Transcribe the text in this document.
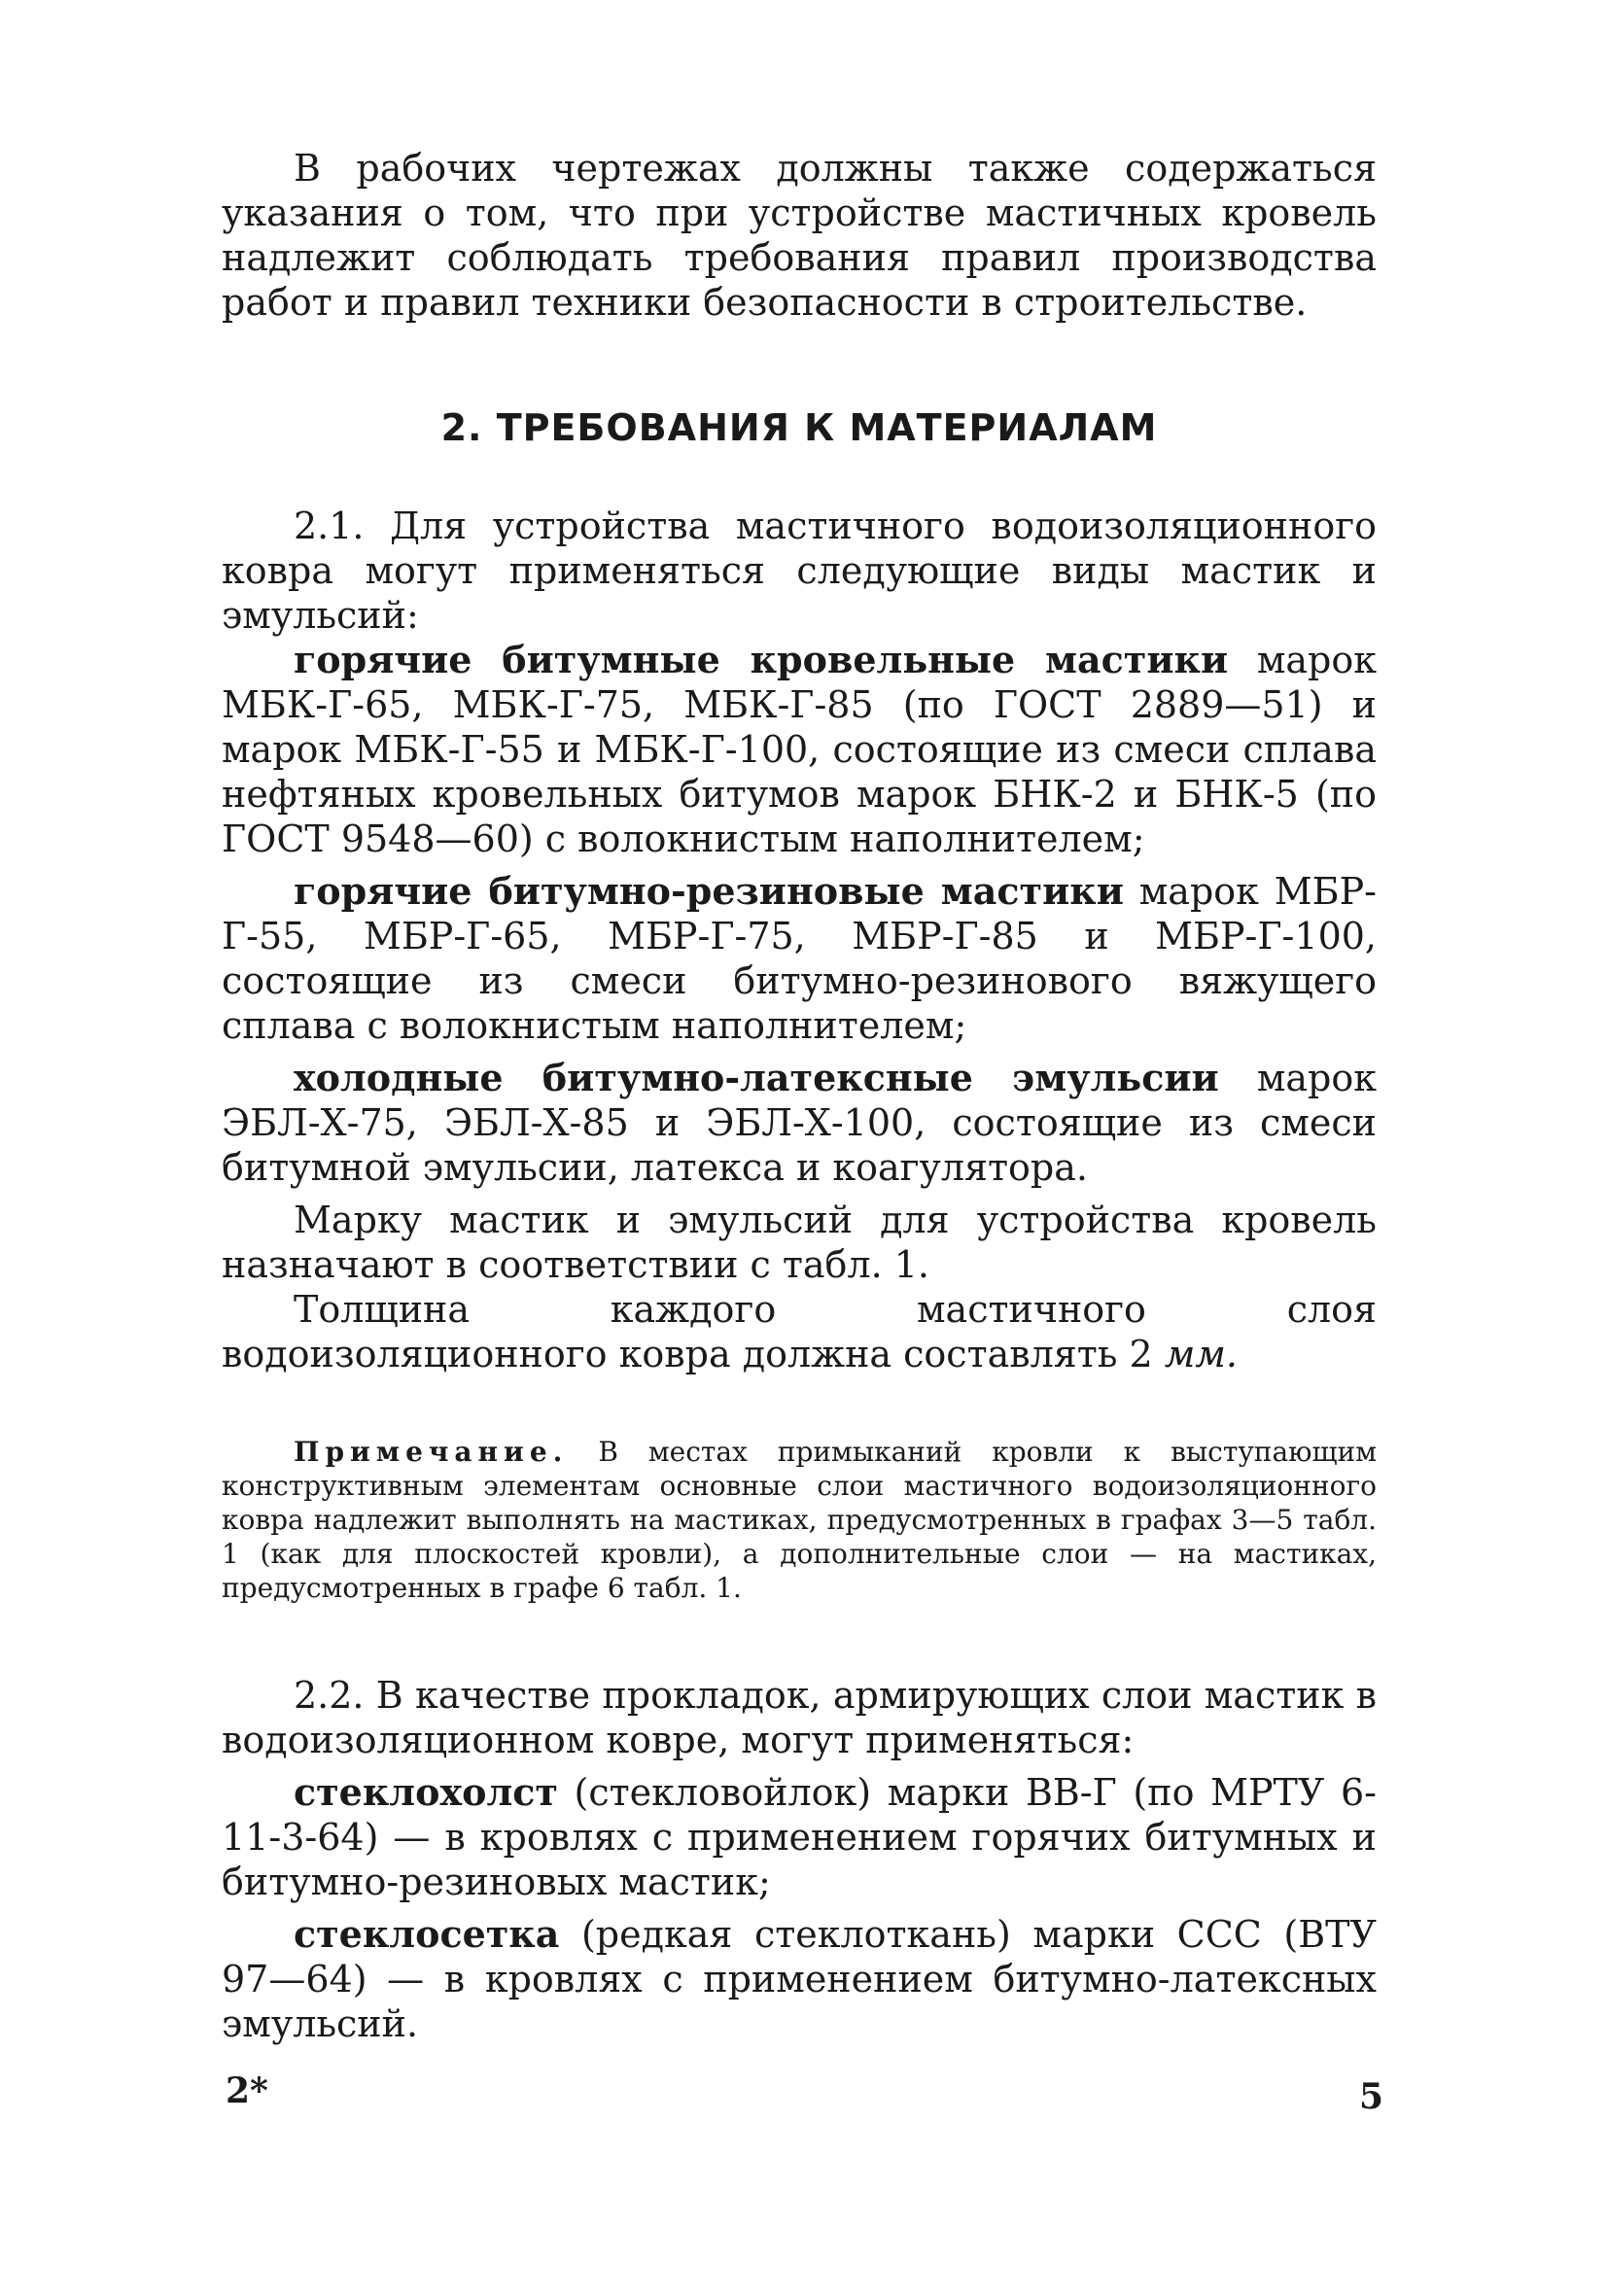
В рабочих чертежах должны также содержаться указания о том, что при устройстве мастичных кровель надлежит соблюдать требования правил производства работ и правил техники безопасности в строительстве.

2. ТРЕБОВАНИЯ К МАТЕРИАЛАМ

2.1. Для устройства мастичного водоизоляционного ковра могут применяться следующие виды мастик и эмульсий:

горячие битумные кровельные мастики марок МБК-Г-65, МБК-Г-75, МБК-Г-85 (по ГОСТ 2889—51) и марок МБК-Г-55 и МБК-Г-100, состоящие из смеси сплава нефтяных кровельных битумов марок БНК-2 и БНК-5 (по ГОСТ 9548—60) с волокнистым наполнителем;

горячие битумно-резиновые мастики марок МБР-Г-55, МБР-Г-65, МБР-Г-75, МБР-Г-85 и МБР-Г-100, состоящие из смеси битумно-резинового вяжущего сплава с волокнистым наполнителем;

холодные битумно-латексные эмульсии марок ЭБЛ-Х-75, ЭБЛ-Х-85 и ЭБЛ-Х-100, состоящие из смеси битумной эмульсии, латекса и коагулятора.

Марку мастик и эмульсий для устройства кровель назначают в соответствии с табл. 1.

Толщина каждого мастичного слоя водоизоляционного ковра должна составлять 2 мм.

Примечание. В местах примыканий кровли к выступающим конструктивным элементам основные слои мастичного водоизоляционного ковра надлежит выполнять на мастиках, предусмотренных в графах 3—5 табл. 1 (как для плоскостей кровли), а дополнительные слои — на мастиках, предусмотренных в графе 6 табл. 1.

2.2. В качестве прокладок, армирующих слои мастик в водоизоляционном ковре, могут применяться:

стеклохолст (стекловойлок) марки ВВ-Г (по МРТУ 6-11-3-64) — в кровлях с применением горячих битумных и битумно-резиновых мастик;

стеклосетка (редкая стеклоткань) марки ССС (ВТУ 97—64) — в кровлях с применением битумно-латексных эмульсий.

2*	5
